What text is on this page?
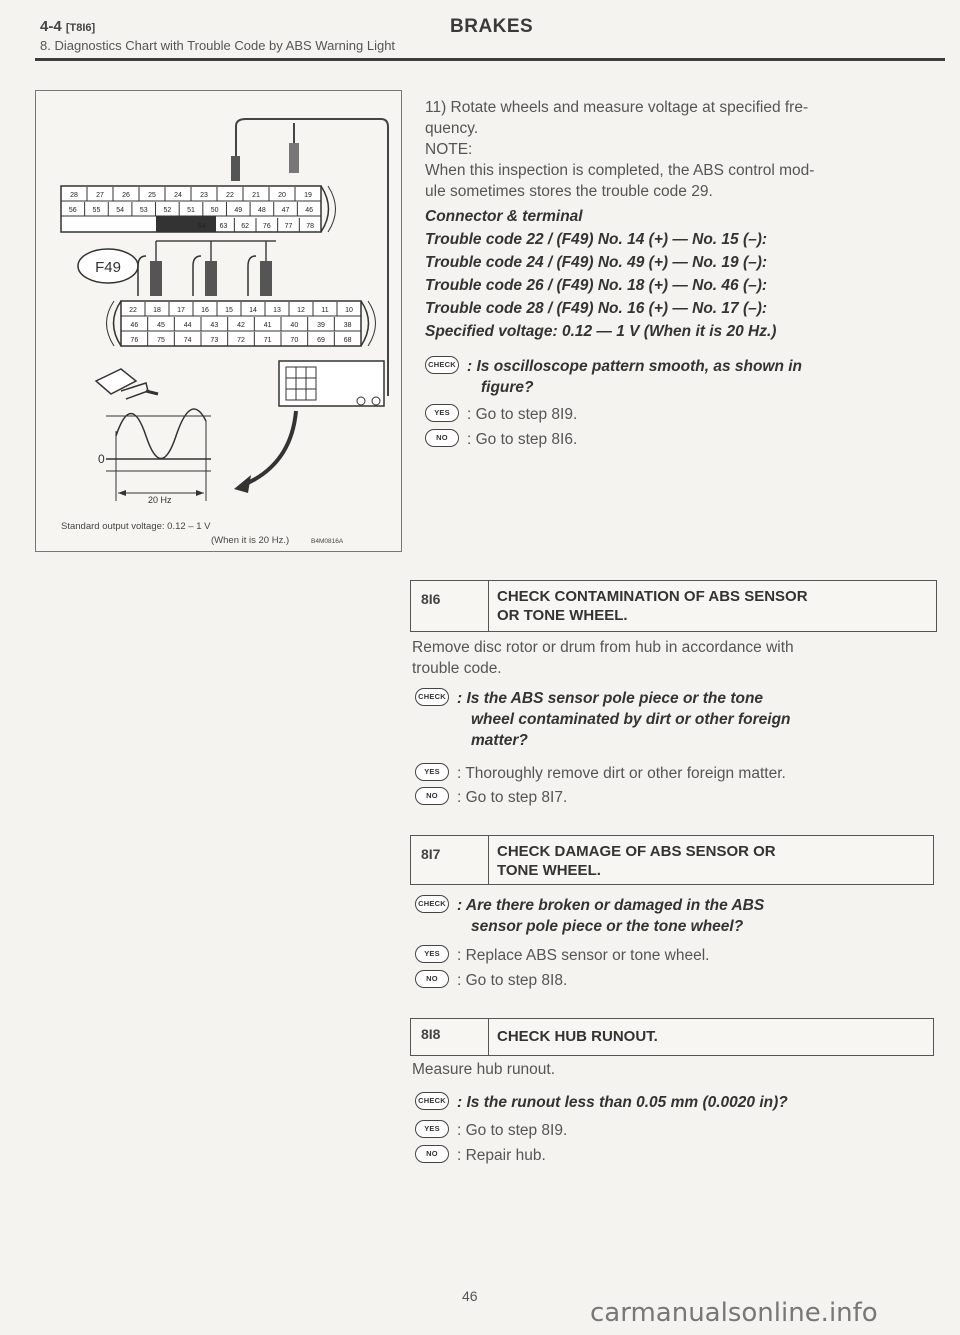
4-4 [T8I6]	BRAKES
8. Diagnostics Chart with Trouble Code by ABS Warning Light
28	27	26	25	24	23	22	21	20	19
56 55 54 53 52 51 50 49 48 47 46
64 63 62 76 77 78
F49
22 18 17 16 15 14 13 12 11 10
46	45	44	43	42	41	40	39	38
76	75	74	73	72	71	70	69	68
0
20 Hz
Standard output voltage: 0.12 – 1 V
(When it is 20 Hz.)	B4M0816A
11) Rotate wheels and measure voltage at specified fre-
quency.
NOTE:
When this inspection is completed, the ABS control mod-
ule sometimes stores the trouble code 29.
Connector & terminal
Trouble code 22 / (F49) No. 14 (+) — No. 15 (–):
Trouble code 24 / (F49) No. 49 (+) — No. 19 (–):
Trouble code 26 / (F49) No. 18 (+) — No. 46 (–):
Trouble code 28 / (F49) No. 16 (+) — No. 17 (–):
Specified voltage: 0.12 — 1 V (When it is 20 Hz.)
CHECK : Is oscilloscope pattern smooth, as shown in
figure?
YES	: Go to step 8I9.
NO	: Go to step 8I6.
8I6	CHECK CONTAMINATION OF ABS SENSOR
OR TONE WHEEL.
Remove disc rotor or drum from hub in accordance with
trouble code.
CHECK : Is the ABS sensor pole piece or the tone
wheel contaminated by dirt or other foreign
matter?
YES	: Thoroughly remove dirt or other foreign matter.
NO	: Go to step 8I7.
8I7	CHECK DAMAGE OF ABS SENSOR OR
TONE WHEEL.
CHECK : Are there broken or damaged in the ABS
sensor pole piece or the tone wheel?
YES	: Replace ABS sensor or tone wheel.
NO	: Go to step 8I8.
8I8	CHECK HUB RUNOUT.
Measure hub runout.
CHECK : Is the runout less than 0.05 mm (0.0020 in)?
YES	: Go to step 8I9.
NO	: Repair hub.
46
carmanualsonline.info
